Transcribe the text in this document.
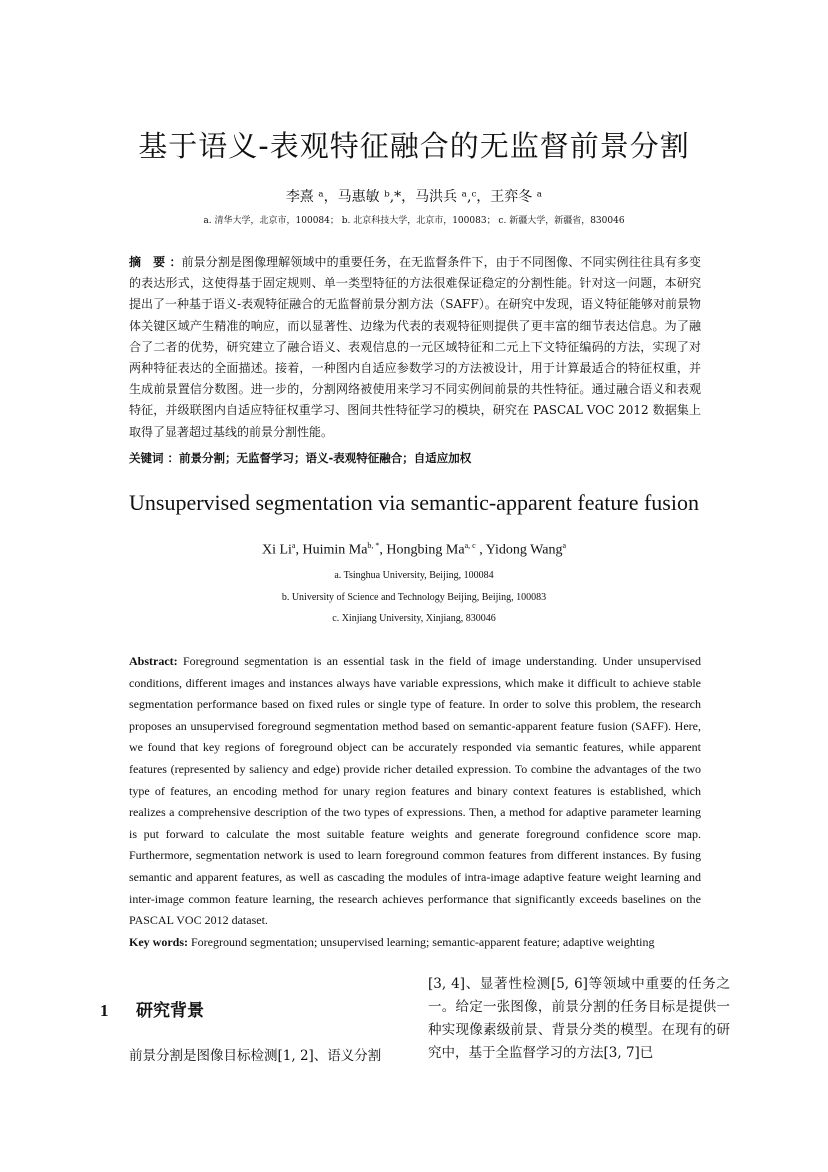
基于语义-表观特征融合的无监督前景分割
李熹 ᵃ，马惠敏 ᵇ,*，马洪兵 ᵃ,ᶜ，王弈冬 ᵃ
a. 清华大学，北京市，100084； b. 北京科技大学，北京市，100083； c. 新疆大学，新疆省，830046
摘　要 ：前景分割是图像理解领域中的重要任务，在无监督条件下，由于不同图像、不同实例往往具有多变的表达形式，这使得基于固定规则、单一类型特征的方法很难保证稳定的分割性能。针对这一问题，本研究提出了一种基于语义-表观特征融合的无监督前景分割方法（SAFF）。在研究中发现，语义特征能够对前景物体关键区域产生精准的响应，而以显著性、边缘为代表的表观特征则提供了更丰富的细节表达信息。为了融合了二者的优势，研究建立了融合语义、表观信息的一元区域特征和二元上下文特征编码的方法，实现了对两种特征表达的全面描述。接着，一种图内自适应参数学习的方法被设计，用于计算最适合的特征权重，并生成前景置信分数图。进一步的，分割网络被使用来学习不同实例间前景的共性特征。通过融合语义和表观特征，并级联图内自适应特征权重学习、图间共性特征学习的模块，研究在 PASCAL VOC 2012 数据集上取得了显著超过基线的前景分割性能。
关键词 ：前景分割；无监督学习；语义-表观特征融合；自适应加权
Unsupervised segmentation via semantic-apparent feature fusion
Xi Li$^a$, Huimin $Ma^{b, *}$, Hongbing Ma$^{a, c}$ , Yidong Wang$^a$
a. Tsinghua University, Beijing, 100084
b. University of Science and Technology Beijing, Beijing, 100083
c. Xinjiang University, Xinjiang, 830046
Abstract: Foreground segmentation is an essential task in the field of image understanding. Under unsupervised conditions, different images and instances always have variable expressions, which make it difficult to achieve stable segmentation performance based on fixed rules or single type of feature. In order to solve this problem, the research proposes an unsupervised foreground segmentation method based on semantic-apparent feature fusion (SAFF). Here, we found that key regions of foreground object can be accurately responded via semantic features, while apparent features (represented by saliency and edge) provide richer detailed expression. To combine the advantages of the two type of features, an encoding method for unary region features and binary context features is established, which realizes a comprehensive description of the two types of expressions. Then, a method for adaptive parameter learning is put forward to calculate the most suitable feature weights and generate foreground confidence score map. Furthermore, segmentation network is used to learn foreground common features from different instances. By fusing semantic and apparent features, as well as cascading the modules of intra-image adaptive feature weight learning and inter-image common feature learning, the research achieves performance that significantly exceeds baselines on the PASCAL VOC 2012 dataset.
Key words: Foreground segmentation; unsupervised learning; semantic-apparent feature; adaptive weighting
1 研究背景
前景分割是图像目标检测[1, 2]、语义分割
[3, 4]、显著性检测[5, 6]等领域中重要的任务之一。给定一张图像，前景分割的任务目标是提供一种实现像素级前景、背景分类的模型。在现有的研究中，基于全监督学习的方法[3, 7]已
